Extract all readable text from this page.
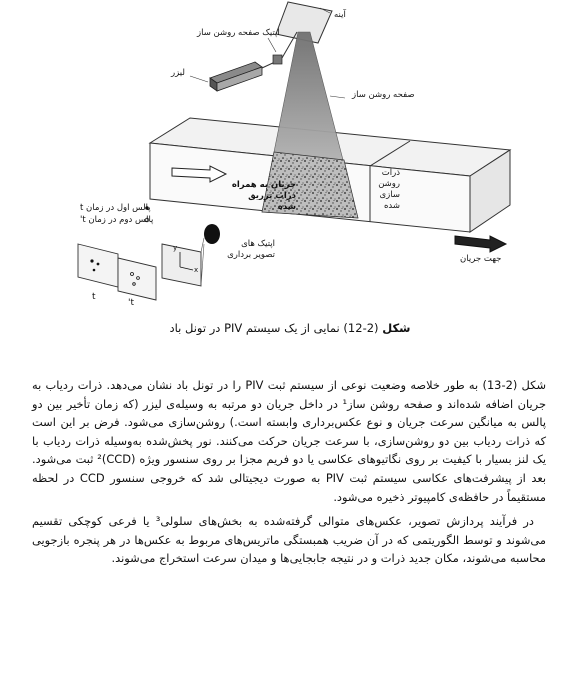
آینه
اپتیک صفحه روشن ساز
لیزر
صفحه روشن ساز
ذرات روشن سازی شده
جریان به همراه ذرات تزریق شده
پالس اول در زمان t
پالس دوم در زمان t'
اپتیک های تصویر برداری	جهت جریان
t
t'
y
x
شکل (2-12) نمایی از یک سیستم PIV در تونل باد

شکل (2-13) به طور خلاصه وضعیت نوعی از سیستم ثبت PIV را در تونل باد نشان می‌دهد. ذرات ردیاب به جریان اضافه شده‌اند و صفحه روشن ساز¹ در داخل جریان دو مرتبه به وسیله‌ی لیزر (که زمان تأخیر بین دو پالس به میانگین سرعت جریان و نوع عکس‌برداری وابسته است.) روشن‌سازی می‌شود. فرض بر این است که ذرات ردیاب بین دو روشن‌سازی، با سرعت جریان حرکت می‌کنند. نور پخش‌شده به‌وسیله ذرات ردیاب با یک لنز بسیار با کیفیت بر روی نگاتیوهای عکاسی یا دو فریم مجزا بر روی سنسور ویژه (CCD)² ثبت می‌شود. بعد از پیشرفت‌های عکاسی سیستم ثبت PIV به صورت دیجیتالی شد که خروجی سنسور CCD در لحظه مستقیماً در حافظه‌ی کامپیوتر ذخیره می‌شود.

در فرآیند پردازش تصویر، عکس‌های متوالی گرفته‌شده به بخش‌های سلولی³ یا فرعی کوچکی تقسیم می‌شوند و توسط الگوریتمی که در آن ضریب همبستگی ماتریس‌های مربوط به عکس‌ها در هر پنجره بازجویی محاسبه می‌شوند، مکان جدید ذرات و در نتیجه جابجایی‌ها و میدان سرعت استخراج می‌شوند.
